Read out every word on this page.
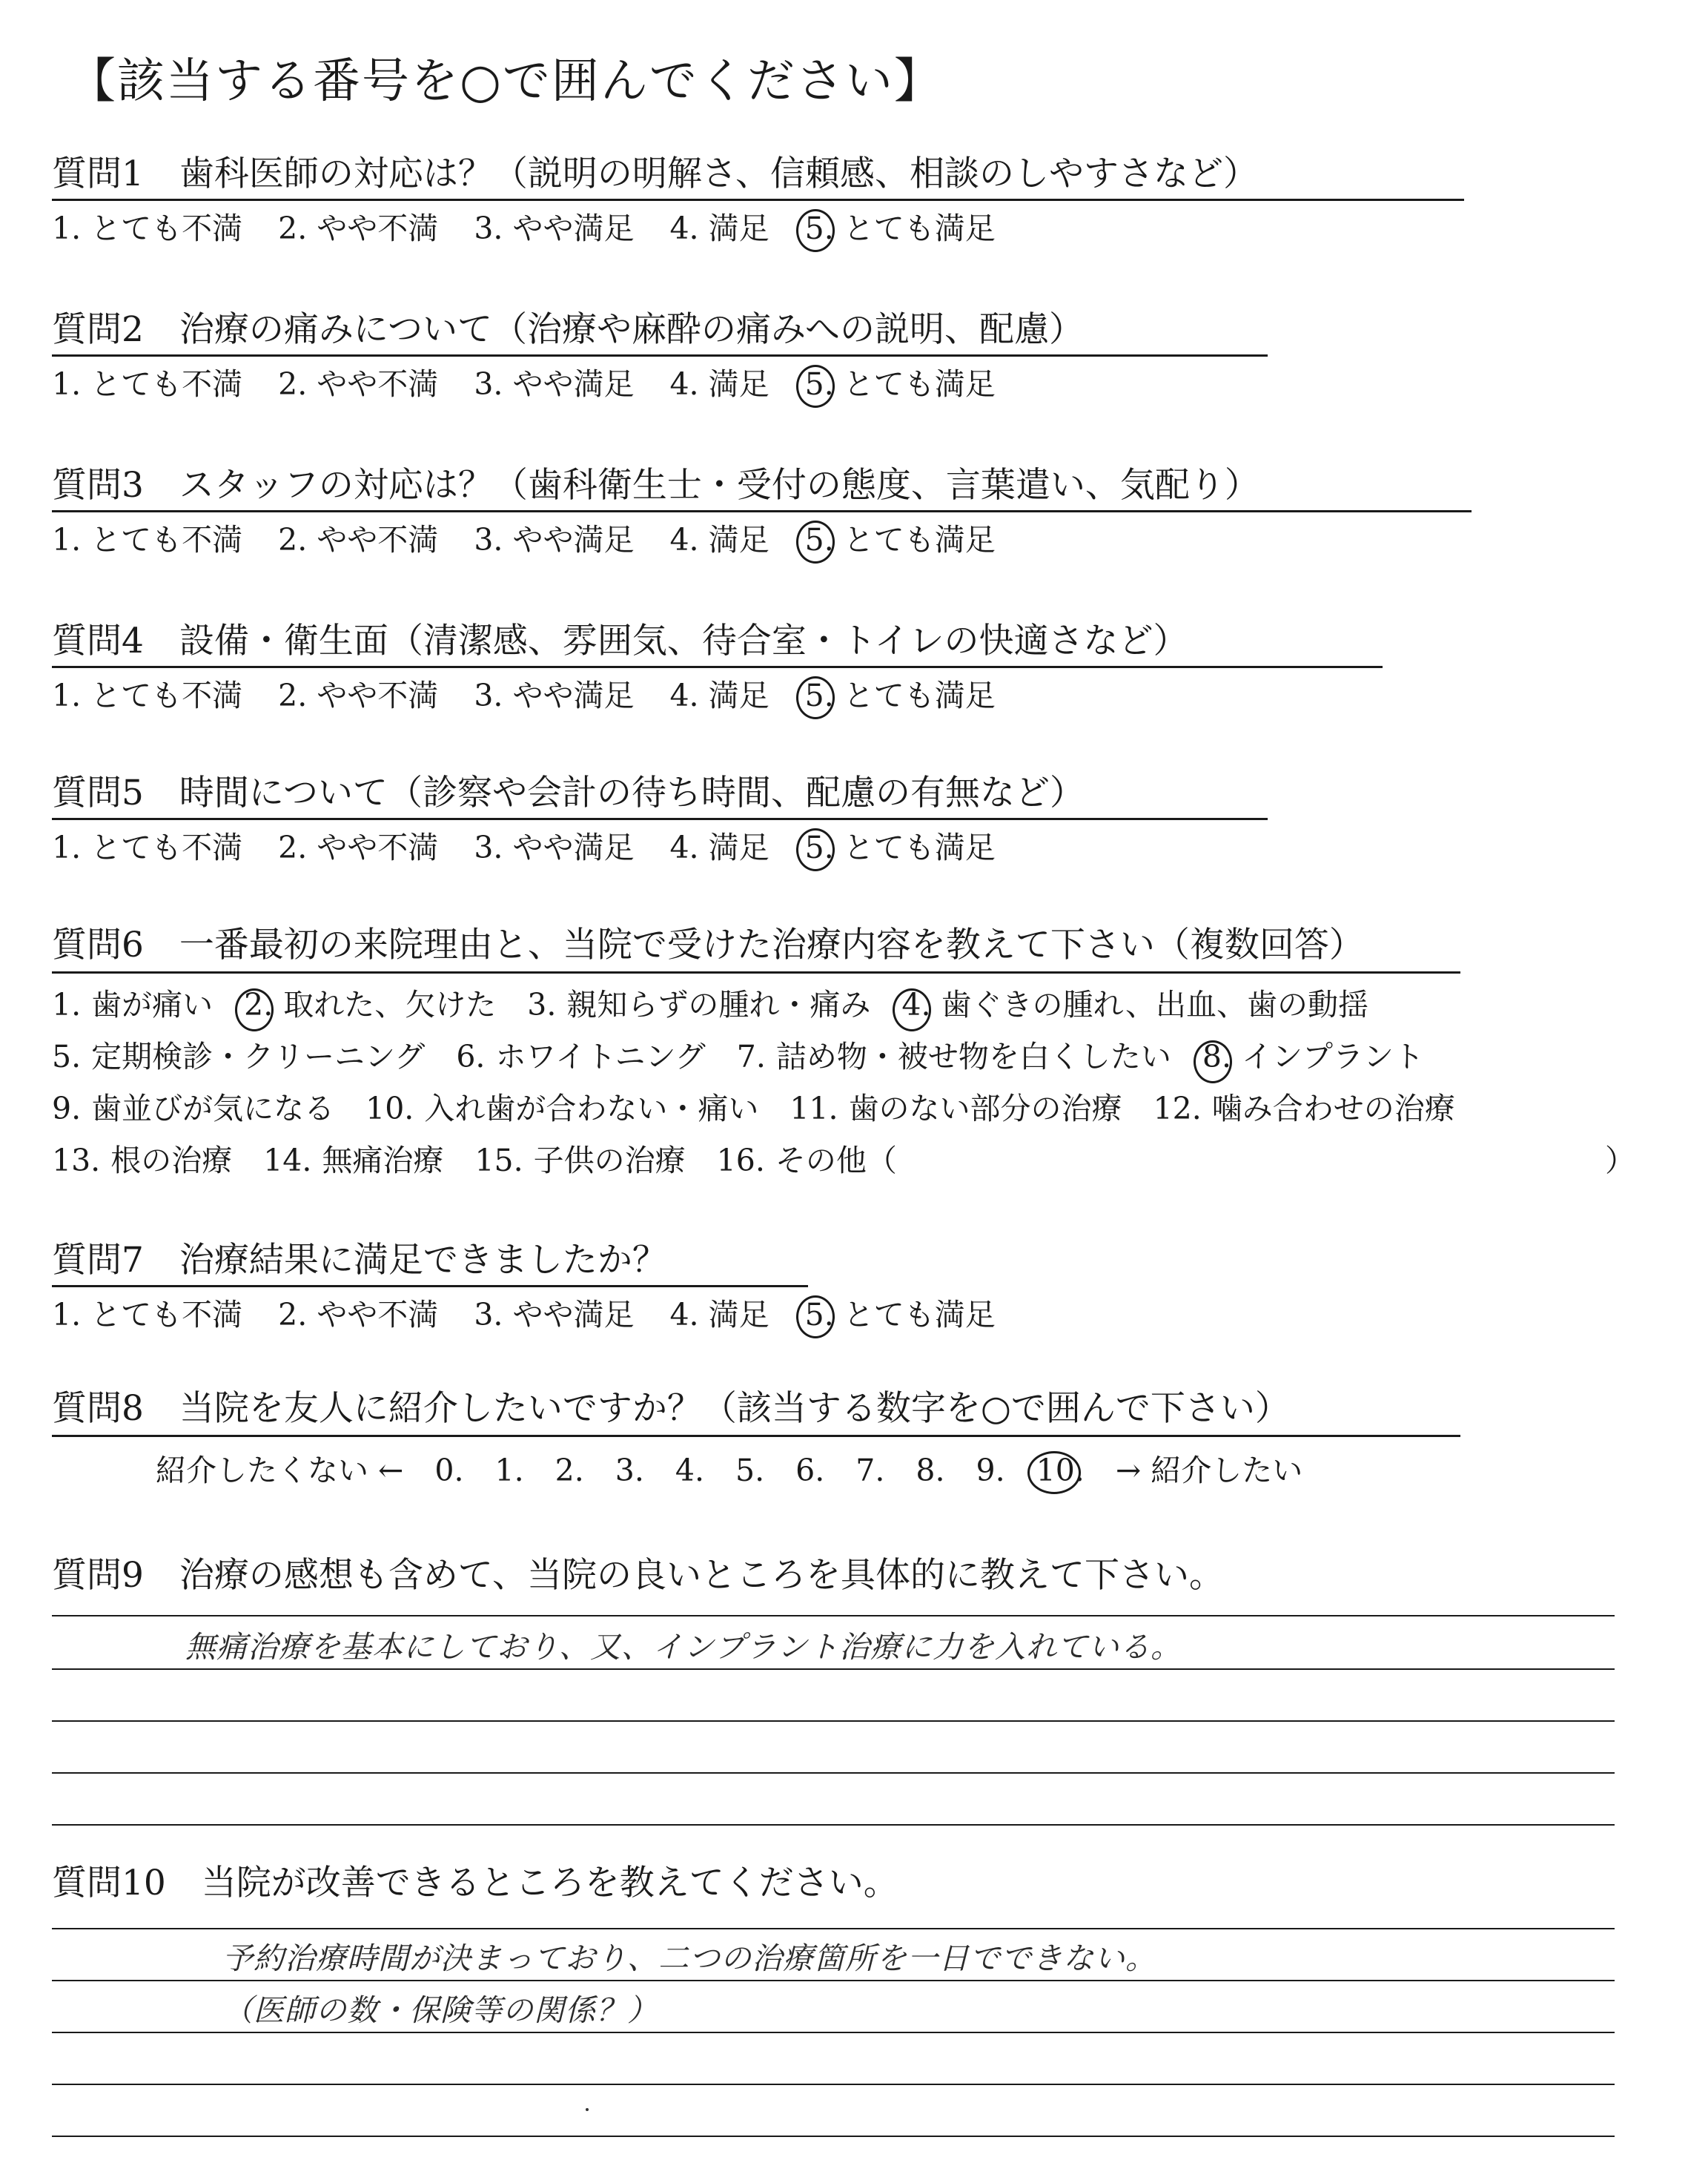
【該当する番号を○で囲んでください】
質問1 歯科医師の対応は？（説明の明解さ、信頼感、相談のしやすさなど）
1. とても不満 2. やや不満 3. やや満足 4. 満足 5. とても満足
質問2 治療の痛みについて（治療や麻酔の痛みへの説明、配慮）
1. とても不満 2. やや不満 3. やや満足 4. 満足 5. とても満足
質問3 スタッフの対応は？（歯科衛生士・受付の態度、言葉遣い、気配り）
1. とても不満 2. やや不満 3. やや満足 4. 満足 5. とても満足
質問4 設備・衛生面（清潔感、雰囲気、待合室・トイレの快適さなど）
1. とても不満 2. やや不満 3. やや満足 4. 満足 5. とても満足
質問5 時間について（診察や会計の待ち時間、配慮の有無など）
1. とても不満 2. やや不満 3. やや満足 4. 満足 5. とても満足
質問7 治療結果に満足できましたか？
1. とても不満 2. やや不満 3. やや満足 4. 満足 5. とても満足
質問6 一番最初の来院理由と、当院で受けた治療内容を教えて下さい（複数回答）
1. 歯が痛い 2. 取れた、欠けた 3. 親知らずの腫れ・痛み 4. 歯ぐきの腫れ、出血、歯の動揺
5. 定期検診・クリーニング 6. ホワイトニング 7. 詰め物・被せ物を白くしたい 8. インプラント
9. 歯並びが気になる 10. 入れ歯が合わない・痛い 11. 歯のない部分の治療 12. 噛み合わせの治療
13. 根の治療 14. 無痛治療 15. 子供の治療 16. その他（	）
質問8 当院を友人に紹介したいですか？（該当する数字を○で囲んで下さい）
紹介したくない ← 0. 1. 2. 3. 4. 5. 6. 7. 8. 9. 10. → 紹介したい
質問9 治療の感想も含めて、当院の良いところを具体的に教えて下さい。
無痛治療を基本にしており、又、インプラント治療に力を入れている。
質問10 当院が改善できるところを教えてください。
予約治療時間が決まっており、二つの治療箇所を一日でできない。
（医師の数・保険等の関係？）
